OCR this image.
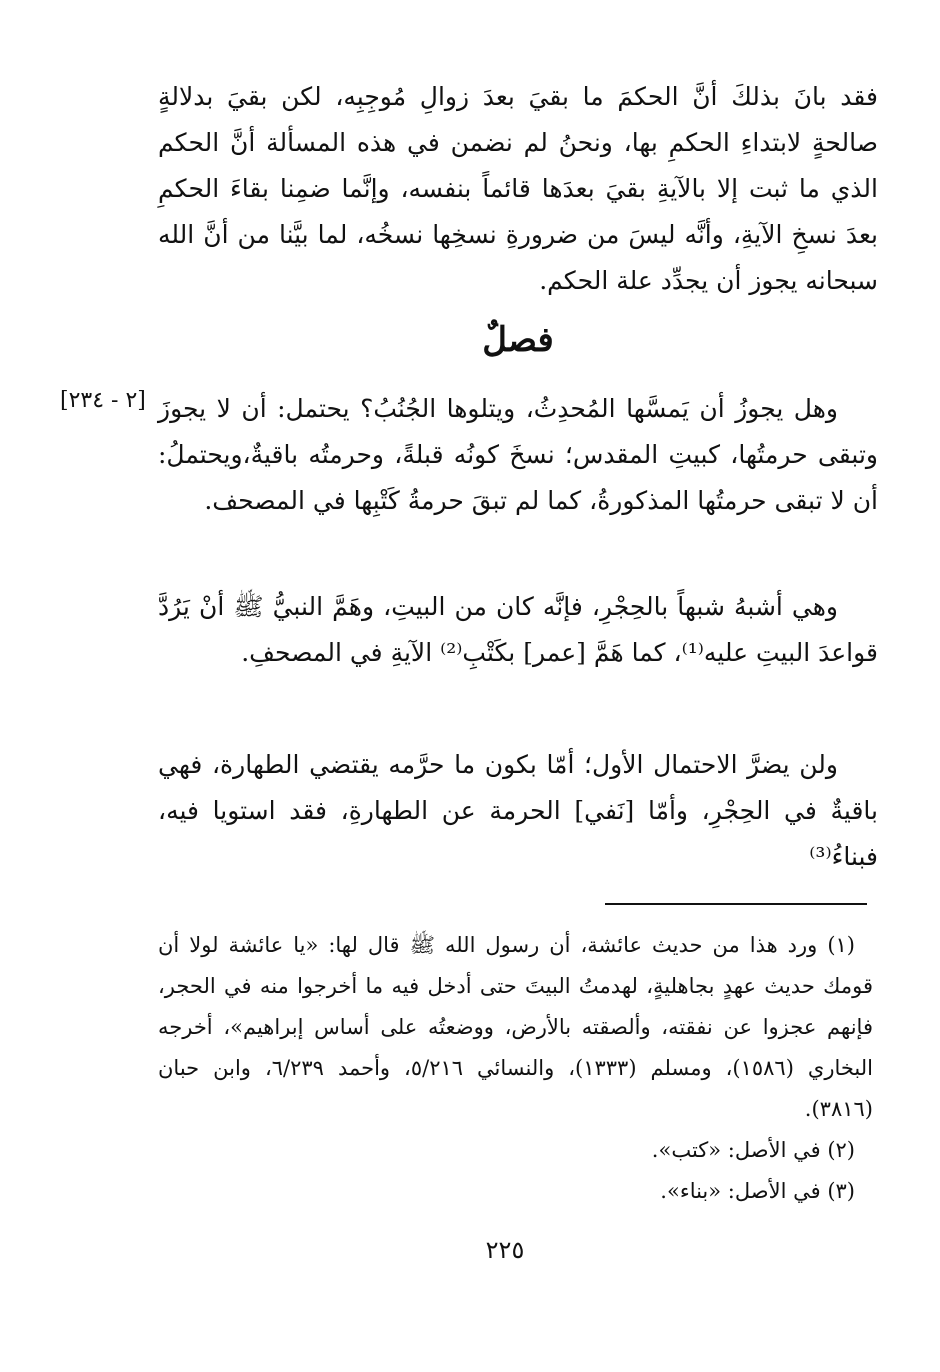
فقد بانَ بذلكَ أنَّ الحكمَ ما بقيَ بعدَ زوالِ مُوجِبِه، لكن بقيَ بدلالةٍ صالحةٍ لابتداءِ الحكمِ بها، ونحنُ لم نضمن في هذه المسألة أنَّ الحكم الذي ما ثبت إلا بالآيةِ بقيَ بعدَها قائماً بنفسه، وإنَّما ضمِنا بقاءَ الحكمِ بعدَ نسخِ الآيةِ، وأنَّه ليسَ من ضرورةِ نسخِها نسخُه، لما بيَّنا من أنَّ الله سبحانه يجوز أن يجدِّد علة الحكم.

فصلٌ
[٢ - ٢٣٤] وهل يجوزُ أن يَمسَّها المُحدِثُ، ويتلوها الجُنُبُ؟ يحتمل: أن لا يجوزَ وتبقى حرمتُها، كبيتِ المقدس؛ نسخَ كونُه قبلةً، وحرمتُه باقيةٌ،ويحتملُ: أن لا تبقى حرمتُها المذكورةُ، كما لم تبقَ حرمةُ كَتْبِها في المصحف.

وهي أشبهُ شبهاً بالحِجْرِ، فإنَّه كان من البيتِ، وهَمَّ النبيُّ ﷺ أنْ يَرُدَّ قواعدَ البيتِ عليه⁽¹⁾، كما هَمَّ [عمر] بكَتْبِ⁽²⁾ الآيةِ في المصحفِ.

ولن يضرَّ الاحتمال الأول؛ أمّا بكون ما حرَّمه يقتضي الطهارة، فهي باقيةٌ في الحِجْرِ، وأمّا [نَفي] الحرمة عن الطهارةِ، فقد استويا فيه، فبناءُ⁽³⁾

(١) ورد هذا من حديث عائشة، أن رسول الله ﷺ قال لها: «يا عائشة لولا أن قومك حديث عهدٍ بجاهليةٍ، لهدمتُ البيتَ حتى أدخل فيه ما أخرجوا منه في الحجر، فإنهم عجزوا عن نفقته، وألصقته بالأرض، ووضعتُه على أساس إبراهيم»، أخرجه البخاري (١٥٨٦)، ومسلم (١٣٣٣)، والنسائي ٥/٢١٦، وأحمد ٦/٢٣٩، وابن حبان (٣٨١٦).

(٢) في الأصل: «كتب».

(٣) في الأصل: «بناء».

٢٢٥
